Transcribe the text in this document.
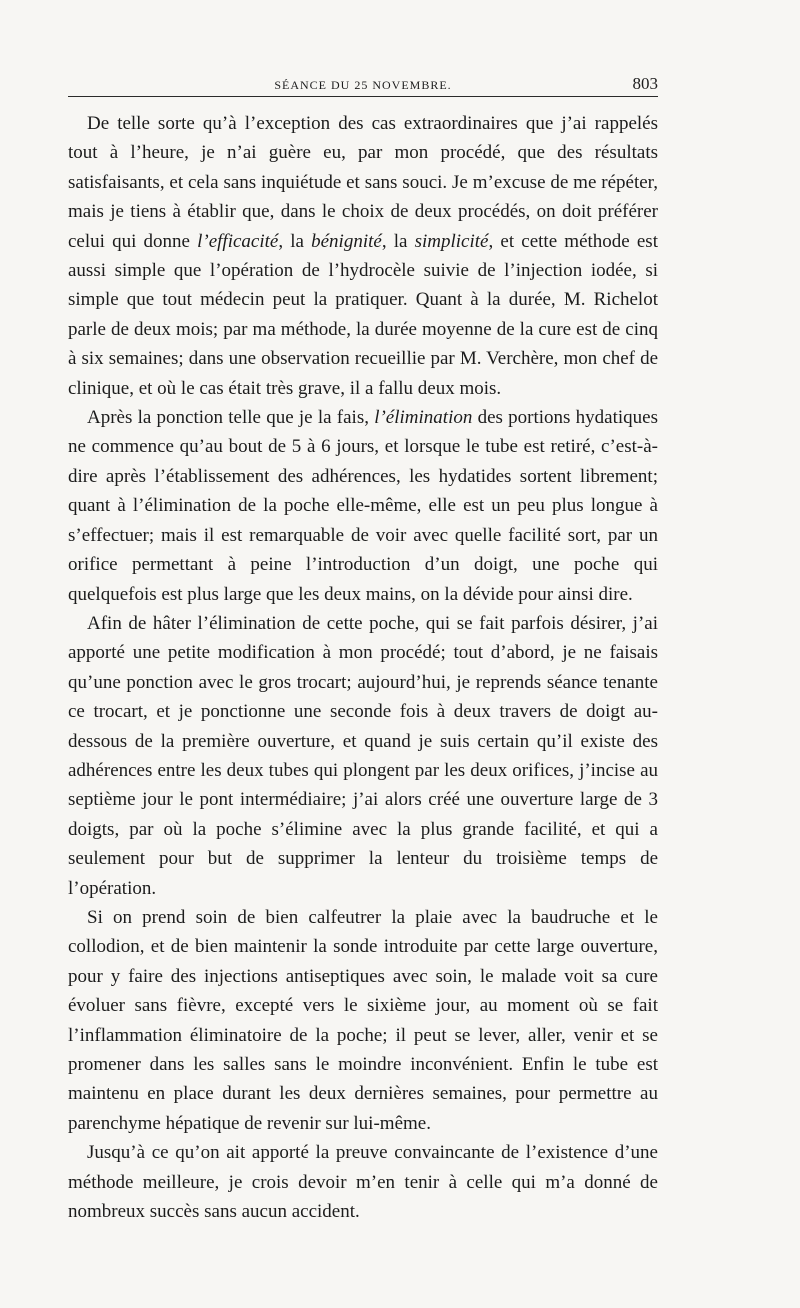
SÉANCE DU 25 NOVEMBRE.	803

De telle sorte qu’à l’exception des cas extraordinaires que j’ai rappelés tout à l’heure, je n’ai guère eu, par mon procédé, que des résultats satisfaisants, et cela sans inquiétude et sans souci. Je m’excuse de me répéter, mais je tiens à établir que, dans le choix de deux procédés, on doit préférer celui qui donne l’efficacité, la bénignité, la simplicité, et cette méthode est aussi simple que l’opération de l’hydrocèle suivie de l’injection iodée, si simple que tout médecin peut la pratiquer. Quant à la durée, M. Richelot parle de deux mois; par ma méthode, la durée moyenne de la cure est de cinq à six semaines; dans une observation recueillie par M. Verchère, mon chef de clinique, et où le cas était très grave, il a fallu deux mois.

Après la ponction telle que je la fais, l’élimination des portions hydatiques ne commence qu’au bout de 5 à 6 jours, et lorsque le tube est retiré, c’est-à-dire après l’établissement des adhérences, les hydatides sortent librement; quant à l’élimination de la poche elle-même, elle est un peu plus longue à s’effectuer; mais il est remarquable de voir avec quelle facilité sort, par un orifice permettant à peine l’introduction d’un doigt, une poche qui quelquefois est plus large que les deux mains, on la dévide pour ainsi dire.

Afin de hâter l’élimination de cette poche, qui se fait parfois désirer, j’ai apporté une petite modification à mon procédé; tout d’abord, je ne faisais qu’une ponction avec le gros trocart; aujourd’hui, je reprends séance tenante ce trocart, et je ponctionne une seconde fois à deux travers de doigt au-dessous de la première ouverture, et quand je suis certain qu’il existe des adhérences entre les deux tubes qui plongent par les deux orifices, j’incise au septième jour le pont intermédiaire; j’ai alors créé une ouverture large de 3 doigts, par où la poche s’élimine avec la plus grande facilité, et qui a seulement pour but de supprimer la lenteur du troisième temps de l’opération.

Si on prend soin de bien calfeutrer la plaie avec la baudruche et le collodion, et de bien maintenir la sonde introduite par cette large ouverture, pour y faire des injections antiseptiques avec soin, le malade voit sa cure évoluer sans fièvre, excepté vers le sixième jour, au moment où se fait l’inflammation éliminatoire de la poche; il peut se lever, aller, venir et se promener dans les salles sans le moindre inconvénient. Enfin le tube est maintenu en place durant les deux dernières semaines, pour permettre au parenchyme hépatique de revenir sur lui-même.

Jusqu’à ce qu’on ait apporté la preuve convaincante de l’existence d’une méthode meilleure, je crois devoir m’en tenir à celle qui m’a donné de nombreux succès sans aucun accident.
